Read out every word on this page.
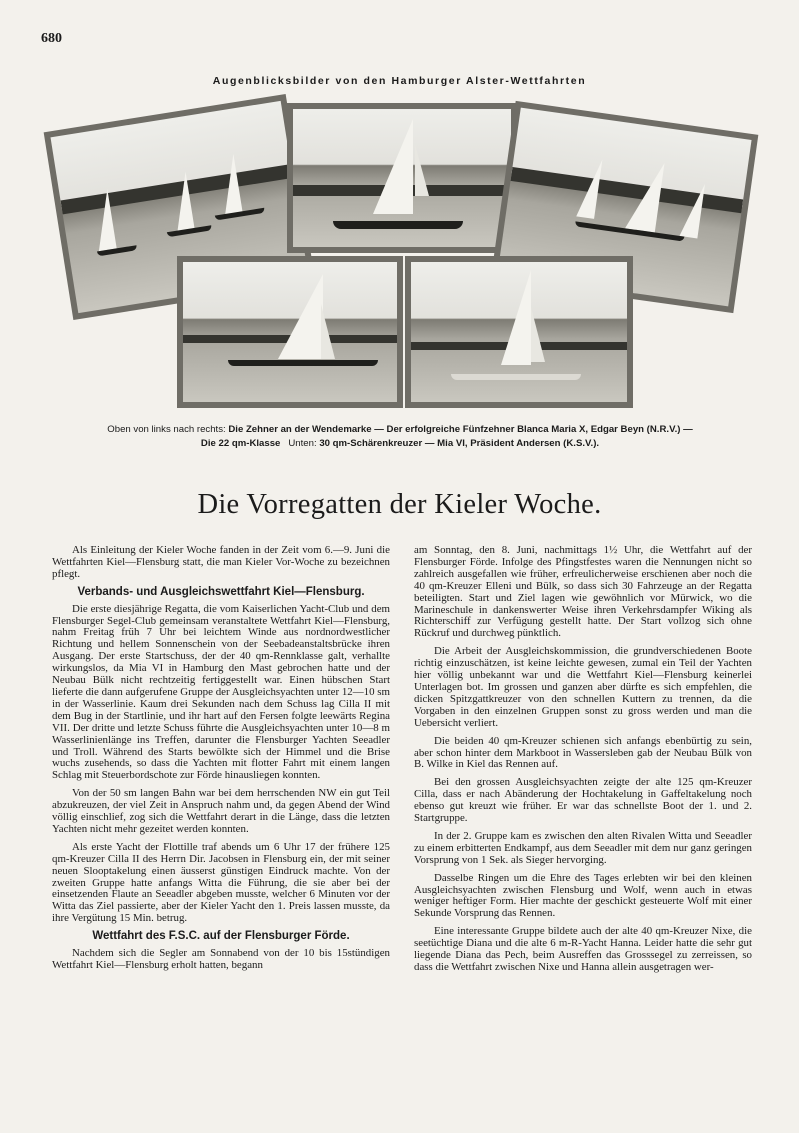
680
Augenblicksbilder von den Hamburger Alster-Wettfahrten
Oben von links nach rechts: Die Zehner an der Wendemarke — Der erfolgreiche Fünfzehner Blanca Maria X, Edgar Beyn (N.R.V.) —
Die 22 qm-Klasse Unten: 30 qm-Schärenkreuzer — Mia VI, Präsident Andersen (K.S.V.).
Die Vorregatten der Kieler Woche.

Als Einleitung der Kieler Woche fanden in der Zeit vom 6.—9. Juni die Wettfahrten Kiel—Flensburg statt, die man Kieler Vor-Woche zu bezeichnen pflegt.

Verbands- und Ausgleichswettfahrt Kiel—Flensburg.

Die erste diesjährige Regatta, die vom Kaiserlichen Yacht-Club und dem Flensburger Segel-Club gemeinsam veranstaltete Wettfahrt Kiel—Flensburg, nahm Freitag früh 7 Uhr bei leichtem Winde aus nordnordwestlicher Richtung und hellem Sonnenschein von der Seebadeanstaltsbrücke ihren Ausgang. Der erste Startschuss, der der 40 qm-Rennklasse galt, verhallte wirkungslos, da Mia VI in Hamburg den Mast gebrochen hatte und der Neubau Bülk nicht rechtzeitig fertiggestellt war. Einen hübschen Start lieferte die dann aufgerufene Gruppe der Ausgleichsyachten unter 12—10 sm in der Wasserlinie. Kaum drei Sekunden nach dem Schuss lag Cilla II mit dem Bug in der Startlinie, und ihr hart auf den Fersen folgte leewärts Regina VII. Der dritte und letzte Schuss führte die Ausgleichsyachten unter 10—8 m Wasserlinienlänge ins Treffen, darunter die Flensburger Yachten Seeadler und Troll. Während des Starts bewölkte sich der Himmel und die Brise wuchs zusehends, so dass die Yachten mit flotter Fahrt mit einem langen Schlag mit Steuerbordschote zur Förde hinausliegen konnten.

Von der 50 sm langen Bahn war bei dem herrschenden NW ein gut Teil abzukreuzen, der viel Zeit in Anspruch nahm und, da gegen Abend der Wind völlig einschlief, zog sich die Wettfahrt derart in die Länge, dass die letzten Yachten nicht mehr gezeitet werden konnten.

Als erste Yacht der Flottille traf abends um 6 Uhr 17 der frühere 125 qm-Kreuzer Cilla II des Herrn Dir. Jacobsen in Flensburg ein, der mit seiner neuen Slooptakelung einen äusserst günstigen Eindruck machte. Von der zweiten Gruppe hatte anfangs Witta die Führung, die sie aber bei der einsetzenden Flaute an Seeadler abgeben musste, welcher 6 Minuten vor der Witta das Ziel passierte, aber der Kieler Yacht den 1. Preis lassen musste, da ihre Vergütung 15 Min. betrug.

Wettfahrt des F.S.C. auf der Flensburger Förde.

Nachdem sich die Segler am Sonnabend von der 10 bis 15stündigen Wettfahrt Kiel—Flensburg erholt hatten, begann

am Sonntag, den 8. Juni, nachmittags 1½ Uhr, die Wettfahrt auf der Flensburger Förde. Infolge des Pfingstfestes waren die Nennungen nicht so zahlreich ausgefallen wie früher, erfreulicherweise erschienen aber noch die 40 qm-Kreuzer Elleni und Bülk, so dass sich 30 Fahrzeuge an der Regatta beteiligten. Start und Ziel lagen wie gewöhnlich vor Mürwick, wo die Marineschule in dankenswerter Weise ihren Verkehrsdampfer Wiking als Richterschiff zur Verfügung gestellt hatte. Der Start vollzog sich ohne Rückruf und durchweg pünktlich.

Die Arbeit der Ausgleichskommission, die grundverschiedenen Boote richtig einzuschätzen, ist keine leichte gewesen, zumal ein Teil der Yachten hier völlig unbekannt war und die Wettfahrt Kiel—Flensburg keinerlei Unterlagen bot. Im grossen und ganzen aber dürfte es sich empfehlen, die dicken Spitzgattkreuzer von den schnellen Kuttern zu trennen, da die Vorgaben in den einzelnen Gruppen sonst zu gross werden und man die Uebersicht verliert.

Die beiden 40 qm-Kreuzer schienen sich anfangs ebenbürtig zu sein, aber schon hinter dem Markboot in Wassersleben gab der Neubau Bülk von B. Wilke in Kiel das Rennen auf.

Bei den grossen Ausgleichsyachten zeigte der alte 125 qm-Kreuzer Cilla, dass er nach Abänderung der Hochtakelung in Gaffeltakelung noch ebenso gut kreuzt wie früher. Er war das schnellste Boot der 1. und 2. Startgruppe.

In der 2. Gruppe kam es zwischen den alten Rivalen Witta und Seeadler zu einem erbitterten Endkampf, aus dem Seeadler mit dem nur ganz geringen Vorsprung von 1 Sek. als Sieger hervorging.

Dasselbe Ringen um die Ehre des Tages erlebten wir bei den kleinen Ausgleichsyachten zwischen Flensburg und Wolf, wenn auch in etwas weniger heftiger Form. Hier machte der geschickt gesteuerte Wolf mit einer Sekunde Vorsprung das Rennen.

Eine interessante Gruppe bildete auch der alte 40 qm-Kreuzer Nixe, die seetüchtige Diana und die alte 6 m-R-Yacht Hanna. Leider hatte die sehr gut liegende Diana das Pech, beim Ausreffen das Grosssegel zu zerreissen, so dass die Wettfahrt zwischen Nixe und Hanna allein ausgetragen wer-
